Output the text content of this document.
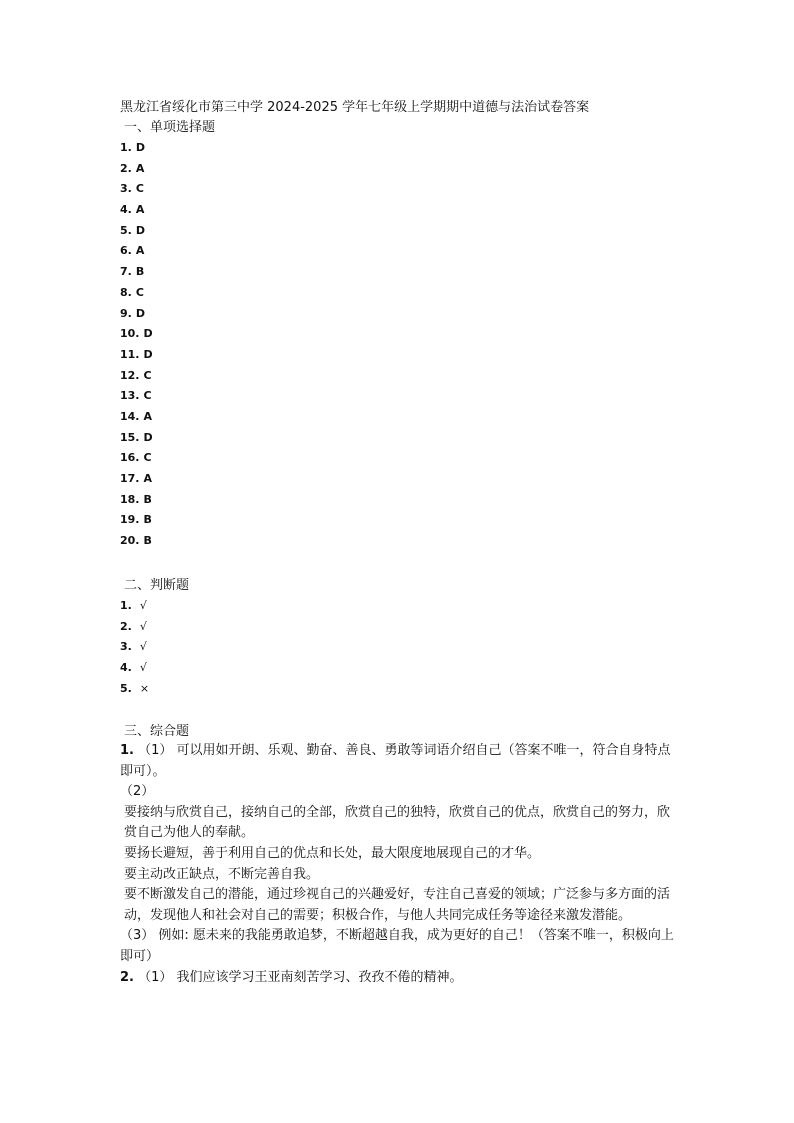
黑龙江省绥化市第三中学 2024-2025 学年七年级上学期期中道德与法治试卷答案
一、单项选择题
1. D
2. A
3. C
4. A
5. D
6. A
7. B
8. C
9. D
10. D
11. D
12. C
13. C
14. A
15. D
16. C
17. A
18. B
19. B
20. B
二、判断题
1. √
2. √
3. √
4. √
5. ×
三、综合题

1. （1） 可以用如开朗、乐观、勤奋、善良、勇敢等词语介绍自己（答案不唯一，符合自身特点即可）。

（2）

要接纳与欣赏自己，接纳自己的全部，欣赏自己的独特，欣赏自己的优点，欣赏自己的努力，欣赏自己为他人的奉献。

要扬长避短，善于利用自己的优点和长处，最大限度地展现自己的才华。

要主动改正缺点，不断完善自我。

要不断激发自己的潜能，通过珍视自己的兴趣爱好，专注自己喜爱的领域；广泛参与多方面的活动，发现他人和社会对自己的需要；积极合作，与他人共同完成任务等途径来激发潜能。

（3） 例如: 愿未来的我能勇敢追梦，不断超越自我，成为更好的自己！（答案不唯一，积极向上即可）

2. （1） 我们应该学习王亚南刻苦学习、孜孜不倦的精神。
